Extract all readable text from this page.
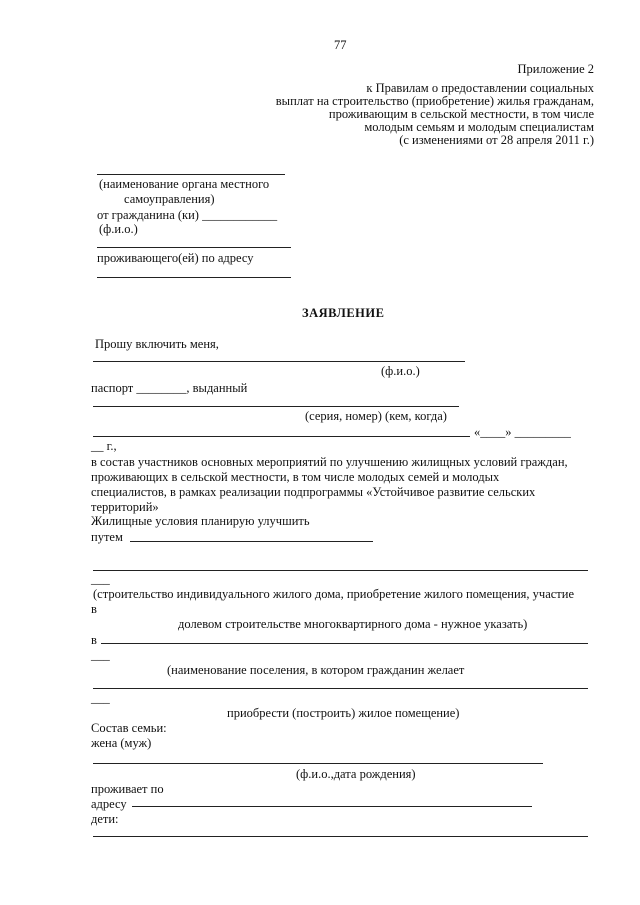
77
Приложение 2
к Правилам о предоставлении социальных
выплат на строительство (приобретение) жилья гражданам,
проживающим в сельской местности, в том числе
молодым семьям и молодым специалистам
(с изменениями от 28 апреля 2011 г.)
(наименование органа местного
самоуправления)
от гражданина (ки) ____________
(ф.и.о.)
проживающего(ей) по адресу
ЗАЯВЛЕНИЕ
Прошу включить меня,
(ф.и.о.)
паспорт ________, выданный
(серия, номер) (кем, когда)
«____» _________
__ г.,
в состав участников основных мероприятий по улучшению жилищных условий граждан,
проживающих в сельской местности, в том числе молодых семей и молодых
специалистов, в рамках реализации подпрограммы «Устойчивое развитие сельских
территорий»
Жилищные условия планирую улучшить
путем
___
(строительство индивидуального жилого дома, приобретение жилого помещения, участие
в
долевом строительстве многоквартирного дома - нужное указать)
в
___
(наименование поселения, в котором гражданин желает
___
приобрести (построить) жилое помещение)
Состав семьи:
жена (муж)
(ф.и.о.,дата рождения)
проживает по
адресу
дети:
